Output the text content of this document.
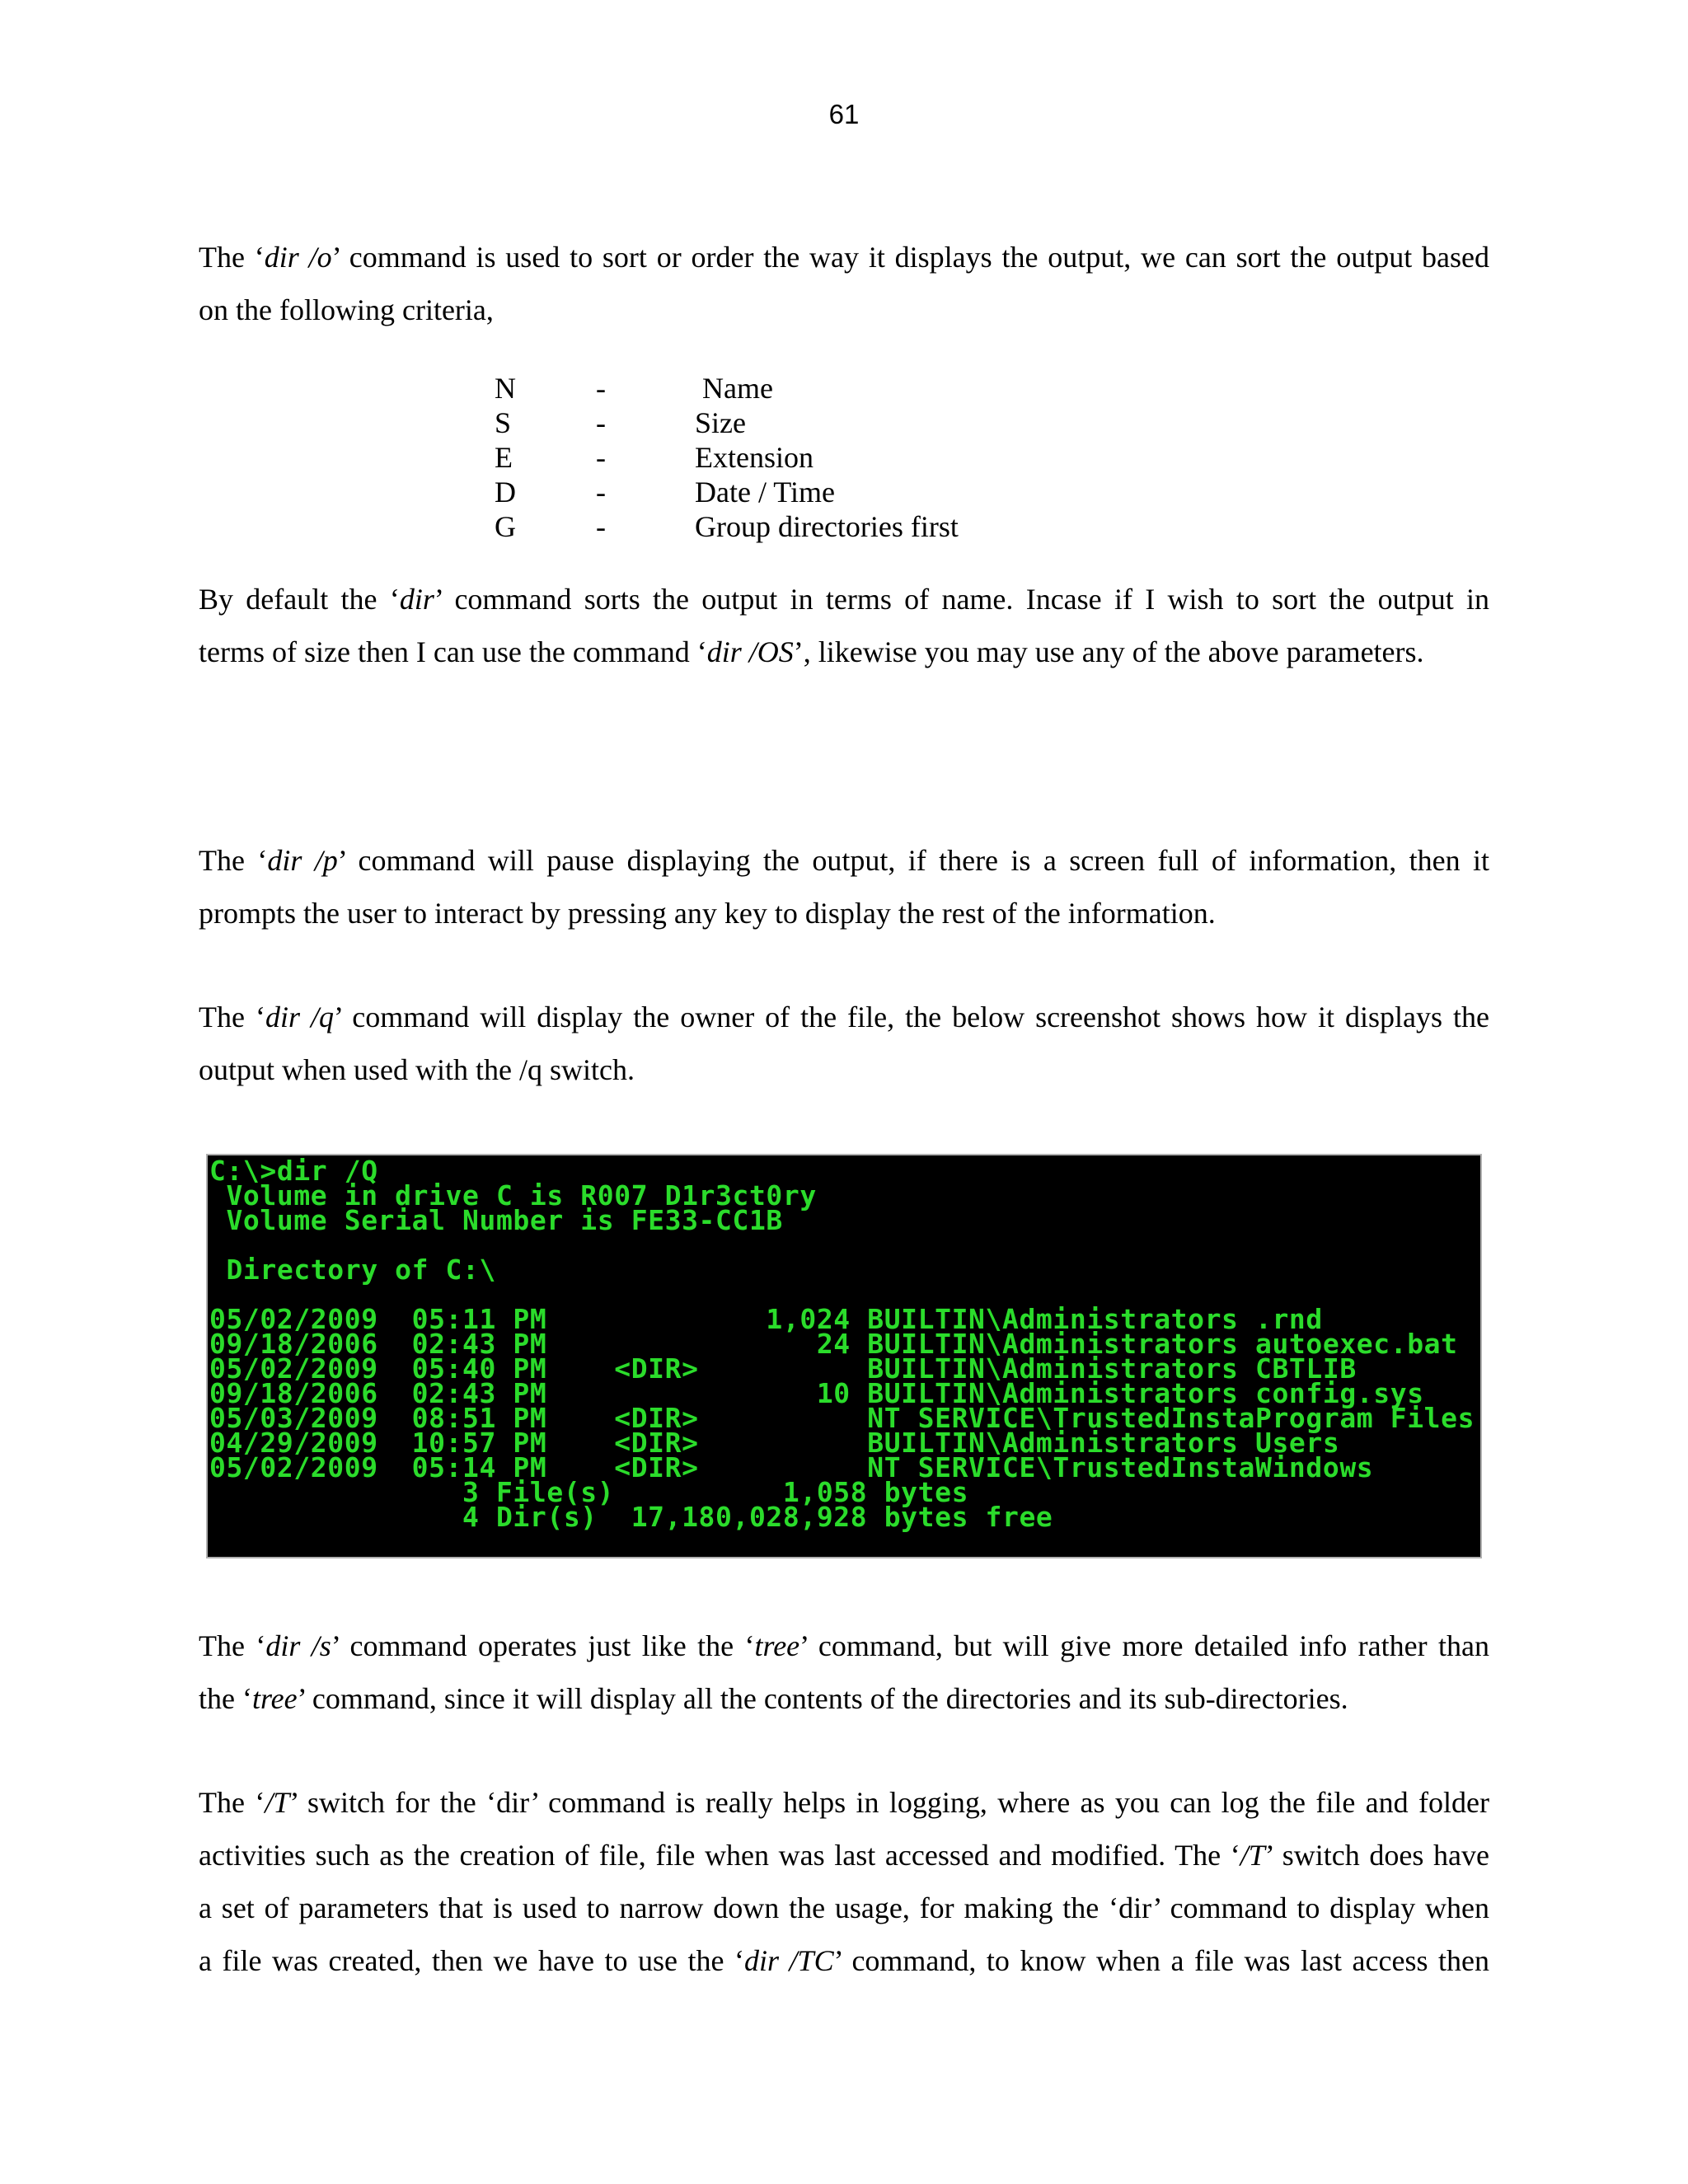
61

The ‘dir /o’ command is used to sort or order the way it displays the output, we can sort the output based
on the following criteria,

N	-	Name
S	-	Size
E	-	Extension
D	-	Date / Time
G	-	Group directories first

By default the ‘dir’ command sorts the output in terms of name. Incase if I wish to sort the output in
terms of size then I can use the command ‘dir /OS’, likewise you may use any of the above parameters.

The ‘dir /p’ command will pause displaying the output, if there is a screen full of information, then it
prompts the user to interact by pressing any key to display the rest of the information.

The ‘dir /q’ command will display the owner of the file, the below screenshot shows how it displays the
output when used with the /q switch.

C:\>dir /Q
Volume in drive C is R007 D1r3ct0ry
Volume Serial Number is FE33-CC1B
Directory of C:\
05/02/2009  05:11 PM             1,024 BUILTIN\Administrators .rnd
09/18/2006  02:43 PM                24 BUILTIN\Administrators autoexec.bat
05/02/2009  05:40 PM    <DIR>          BUILTIN\Administrators CBTLIB
09/18/2006  02:43 PM                10 BUILTIN\Administrators config.sys
05/03/2009  08:51 PM    <DIR>          NT SERVICE\TrustedInstaProgram Files
04/29/2009  10:57 PM    <DIR>          BUILTIN\Administrators Users
05/02/2009  05:14 PM    <DIR>          NT SERVICE\TrustedInstaWindows
3 File(s)          1,058 bytes
4 Dir(s)  17,180,028,928 bytes free

The ‘dir /s’ command operates just like the ‘tree’ command, but will give more detailed info rather than
the ‘tree’ command, since it will display all the contents of the directories and its sub-directories.

The ‘/T’ switch for the ‘dir’ command is really helps in logging, where as you can log the file and folder
activities such as the creation of file, file when was last accessed and modified. The ‘/T’ switch does have
a set of parameters that is used to narrow down the usage, for making the ‘dir’ command to display when
a file was created, then we have to use the ‘dir /TC’ command, to know when a file was last access then
